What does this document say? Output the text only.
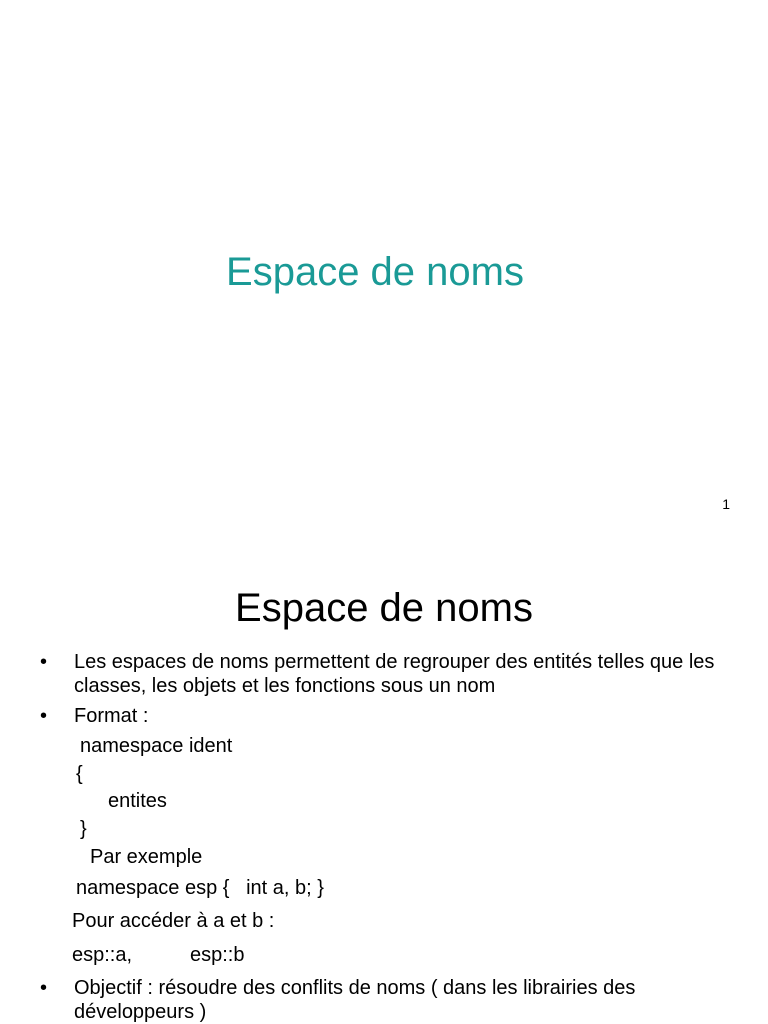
Espace de noms
1
Espace de noms
• Les espaces de noms permettent de regrouper des entités telles que les classes, les objets et les fonctions sous un nom
• Format :
namespace ident
{
entites
}
Par exemple
namespace esp {   int a, b; }
Pour accéder à a et b :
esp::a,	esp::b
• Objectif : résoudre des conflits de noms ( dans les librairies des développeurs )
